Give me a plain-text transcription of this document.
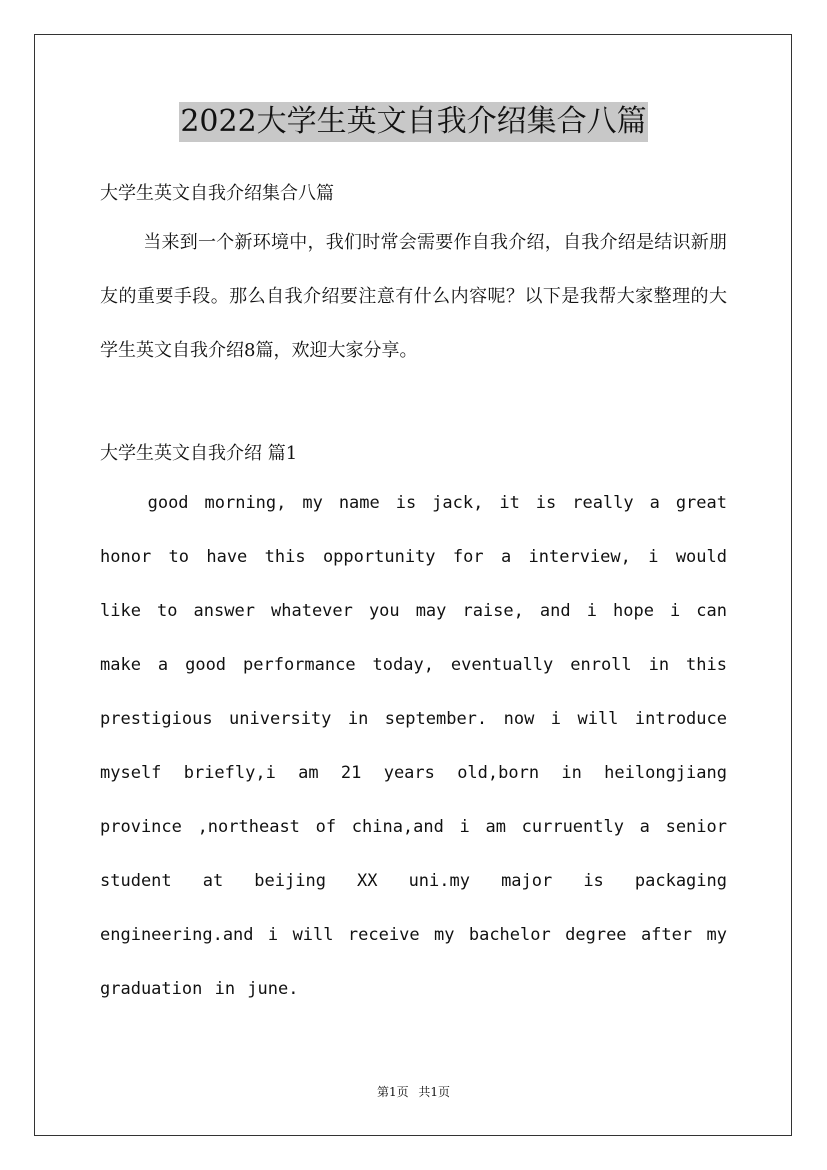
2022大学生英文自我介绍集合八篇

大学生英文自我介绍集合八篇

当来到一个新环境中，我们时常会需要作自我介绍，自我介绍是结识新朋友的重要手段。那么自我介绍要注意有什么内容呢？以下是我帮大家整理的大学生英文自我介绍8篇，欢迎大家分享。

大学生英文自我介绍 篇1

good morning, my name is jack, it is really a great honor to have this opportunity for a interview, i would like to answer whatever you may raise, and i hope i can make a good performance today, eventually enroll in this prestigious university in september. now i will introduce myself briefly,i am 21 years old,born in heilongjiang province ,northeast of china,and i am curruently a senior student at beijing XX uni.my major is packaging engineering.and i will receive my bachelor degree after my graduation in june.

第1页 共1页
